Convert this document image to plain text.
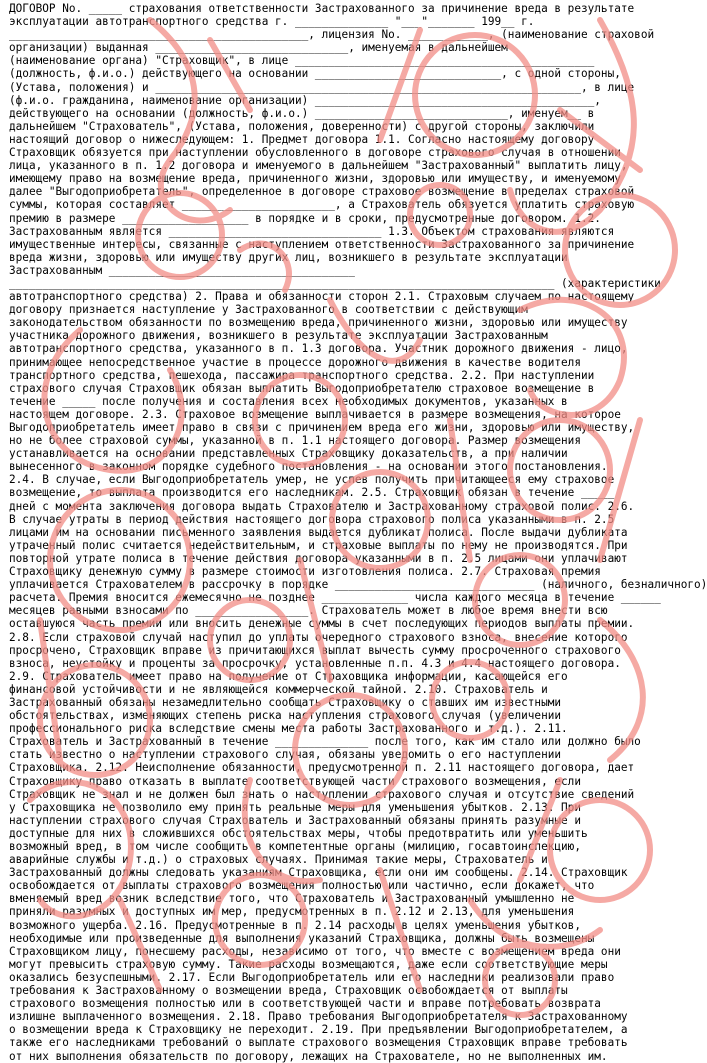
ДОГОВОР No. _____ страхования ответственности Застрахованного за причинение вреда в результате
эксплуатации автотранспортного средства г. ______________ "___"_______ 199__ г.
_____________________________________________, лицензия No. ____________, (наименование страховой
организации) выданная _____________________________, именуемая в дальнейшем
(наименование органа) "Страховщик", в лице _____________________________________________
(должность, ф.и.о.) действующего на основании ____________________________, с одной стороны,
(Устава, положения) и ________________________________________________________________, в лице
(ф.и.о. гражданина, наименование организации) __________________________________________,
действующего на основании (должность, ф.и.о.) _____________________________, именуем__ в
дальнейшем "Страхователь", (Устава, положения, доверенности) с другой стороны, заключили
настоящий договор о нижеследующем: 1. Предмет договора 1.1. Согласно настоящему договору
Страховщик обязуется при наступлении обусловленного в договоре страхового случая в отношении
лица, указанного в п. 1.2 договора и именуемого в дальнейшем "Застрахованный" выплатить лицу,
имеющему право на возмещение вреда, причиненного жизни, здоровью или имуществу, и именуемому
далее "Выгодоприобретатель", определенное в договоре страховое возмещение в пределах страховой
суммы, которая составляет _______________________, а Страхователь обязуется уплатить страховую
премию в размере ___________________ в порядке и в сроки, предусмотренные договором. 1.2.
Застрахованным является ________________________________ 1.3. Объектом страхования являются
имущественные интересы, связанные с наступлением ответственности Застрахованного за причинение
вреда жизни, здоровью или имуществу других лиц, возникшего в результате эксплуатации
Застрахованным _____________________________________
__________________________________________________________________________________ (характеристики
автотранспортного средства) 2. Права и обязанности сторон 2.1. Страховым случаем по настоящему
договору признается наступление у Застрахованного в соответствии с действующим
законодательством обязанности по возмещению вреда, причиненного жизни, здоровью или имуществу
участника дорожного движения, возникшего в результате эксплуатации Застрахованным
автотранспортного средства, указанного в п. 1.3 договора. Участник дорожного движения - лицо,
принимающее непосредственное участие в процессе дорожного движения в качестве водителя
транспортного средства, пешехода, пассажира транспортного средства. 2.2. При наступлении
страхового случая Страховщик обязан выплатить Выгодоприобретателю страховое возмещение в
течение _____ после получения и составления всех необходимых документов, указанных в
настоящем договоре. 2.3. Страховое возмещение выплачивается в размере возмещения, на которое
Выгодоприобретатель имеет право в связи с причинением вреда его жизни, здоровью или имуществу,
но не более страховой суммы, указанной в п. 1.1 настоящего договора. Размер возмещения
устанавливается на основании представленных Страховщику доказательств, а при наличии
вынесенного в законном порядке судебного постановления - на основании этого постановления.
2.4. В случае, если Выгодоприобретатель умер, не успев получить причитающееся ему страховое
возмещение, то выплата производится его наследникам. 2.5. Страховщик обязан в течение _____
дней с момента заключения договора выдать Страхователю и Застрахованному страховой полис. 2.6.
В случае утраты в период действия настоящего договора страхового полиса указанными в п. 2.5
лицами им на основании письменного заявления выдается дубликат полиса. После выдачи дубликата
утраченный полис считается недействительным, и страховые выплаты по нему не производятся. При
повторной утрате полиса в течение действия договора указанными в п. 2.5 лицами они уплачивают
Страховщику денежную сумму в размере стоимости изготовления полиса. 2.7. Страховая премия
уплачивается Страхователем в рассрочку в порядке ______________________________ (наличного, безналичного)
расчета. Премия вносится ежемесячно не позднее _____________ числа каждого месяца в течение ______
месяцев равными взносами по _________________. Страхователь может в любое время внести всю
оставшуюся часть премии или вносить денежные суммы в счет последующих периодов выплаты премии.
2.8. Если страховой случай наступил до уплаты очередного страхового взноса, внесение которого
просрочено, Страховщик вправе из причитающихся выплат вычесть сумму просроченного страхового
взноса, неустойку и проценты за просрочку, установленные п.п. 4.3 и 4.4 настоящего договора.
2.9. Страхователь имеет право на получение от Страховщика информации, касающейся его
финансовой устойчивости и не являющейся коммерческой тайной. 2.10. Страхователь и
Застрахованный обязаны незамедлительно сообщать Страховщику о ставших им известными
обстоятельствах, изменяющих степень риска наступления страхового случая (увеличении
профессионального риска вследствие смены места работы Застрахованного и т.д.). 2.11.
Страхователь и Застрахованный в течение ______________ после того, как им стало или должно было
стать известно о наступлении страхового случая, обязаны уведомить о его наступлении
Страховщика. 2.12. Неисполнение обязанности, предусмотренной п. 2.11 настоящего договора, дает
Страховщику право отказать в выплате соответствующей части страхового возмещения, если
Страховщик не знал и не должен был знать о наступлении страхового случая и отсутствие сведений
у Страховщика не позволило ему принять реальные меры для уменьшения убытков. 2.13. При
наступлении страхового случая Страхователь и Застрахованный обязаны принять разумные и
доступные для них в сложившихся обстоятельствах меры, чтобы предотвратить или уменьшить
возможный вред, в том числе сообщить в компетентные органы (милицию, госавтоинспекцию,
аварийные службы и т.д.) о страховых случаях. Принимая такие меры, Страхователь и
Застрахованный должны следовать указаниям Страховщика, если они им сообщены. 2.14. Страховщик
освобождается от выплаты страхового возмещения полностью или частично, если докажет, что
вменяемый вред возник вследствие того, что Страхователь и Застрахованный умышленно не
приняли разумных и доступных им мер, предусмотренных в п. 2.12 и 2.13, для уменьшения
возможного ущерба. 2.16. Предусмотренные в п. 2.14 расходы в целях уменьшения убытков,
необходимые или произведенные для выполнения указаний Страховщика, должны быть возмещены
Страховщиком лицу, понесшему расходы, независимо от того, что вместе с возмещением вреда они
могут превысить страховую сумму. Такие расходы возмещаются, даже если соответствующие меры
оказались безуспешными. 2.17. Если Выгодоприобретатель или его наследники реализовали право
требования к Застрахованному о возмещении вреда, Страховщик освобождается от выплаты
страхового возмещения полностью или в соответствующей части и вправе потребовать возврата
излишне выплаченного возмещения. 2.18. Право требования Выгодоприобретателя к Застрахованному
о возмещении вреда к Страховщику не переходит. 2.19. При предъявлении Выгодоприобретателем, а
также его наследниками требований о выплате страхового возмещения Страховщик вправе требовать
от них выполнения обязательств по договору, лежащих на Страхователе, но не выполненных им.
